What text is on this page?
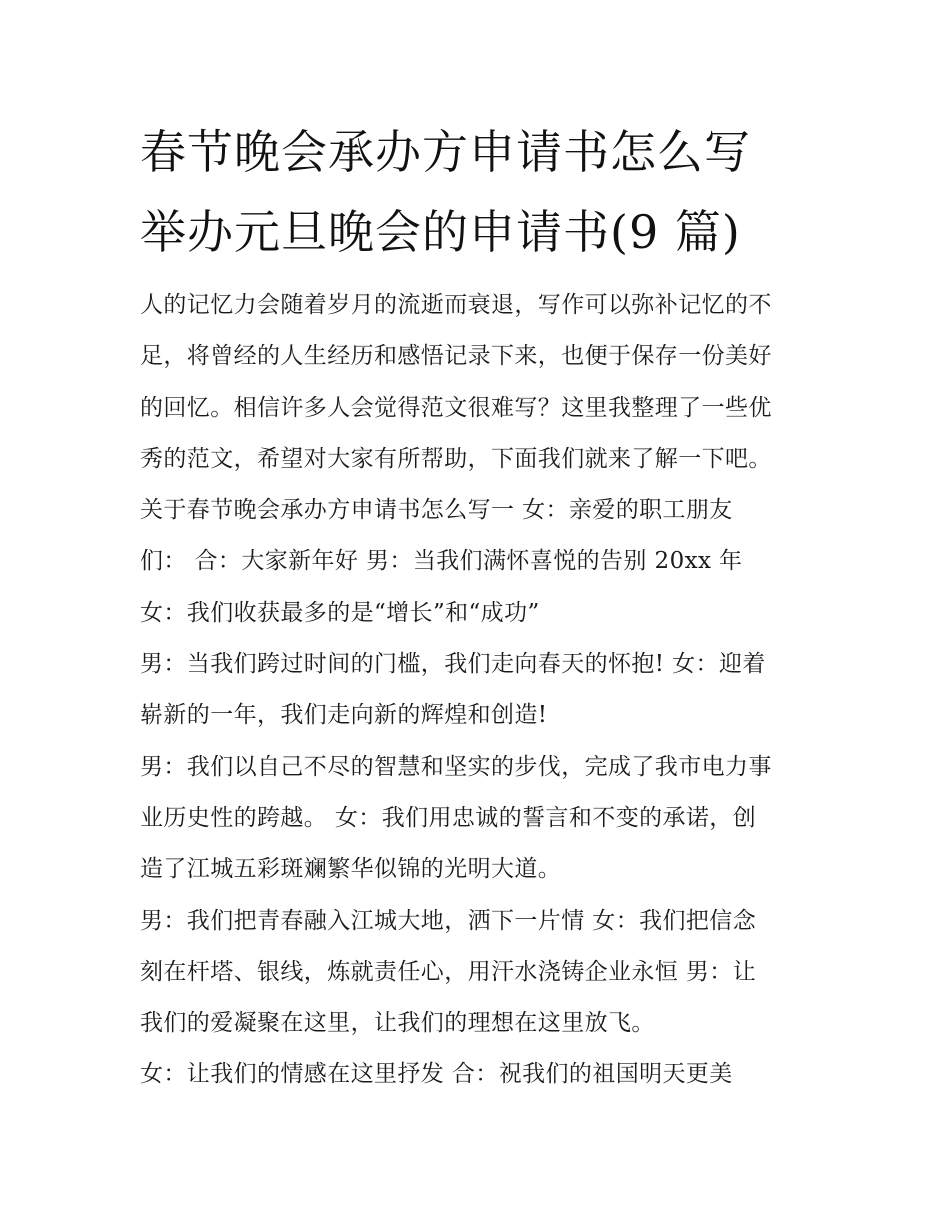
春节晚会承办方申请书怎么写
举办元旦晚会的申请书(9 篇)
人的记忆力会随着岁月的流逝而衰退，写作可以弥补记忆的不
足，将曾经的人生经历和感悟记录下来，也便于保存一份美好
的回忆。相信许多人会觉得范文很难写？这里我整理了一些优
秀的范文，希望对大家有所帮助，下面我们就来了解一下吧。
关于春节晚会承办方申请书怎么写一 女：亲爱的职工朋友
们： 合：大家新年好 男：当我们满怀喜悦的告别 20xx 年
女：我们收获最多的是“增长”和“成功”
男：当我们跨过时间的门槛，我们走向春天的怀抱! 女：迎着
崭新的一年，我们走向新的辉煌和创造!
男：我们以自己不尽的智慧和坚实的步伐，完成了我市电力事
业历史性的跨越。 女：我们用忠诚的誓言和不变的承诺，创
造了江城五彩斑斓繁华似锦的光明大道。
男：我们把青春融入江城大地，洒下一片情 女：我们把信念
刻在杆塔、银线，炼就责任心，用汗水浇铸企业永恒 男：让
我们的爱凝聚在这里，让我们的理想在这里放飞。
女：让我们的情感在这里抒发 合：祝我们的祖国明天更美
